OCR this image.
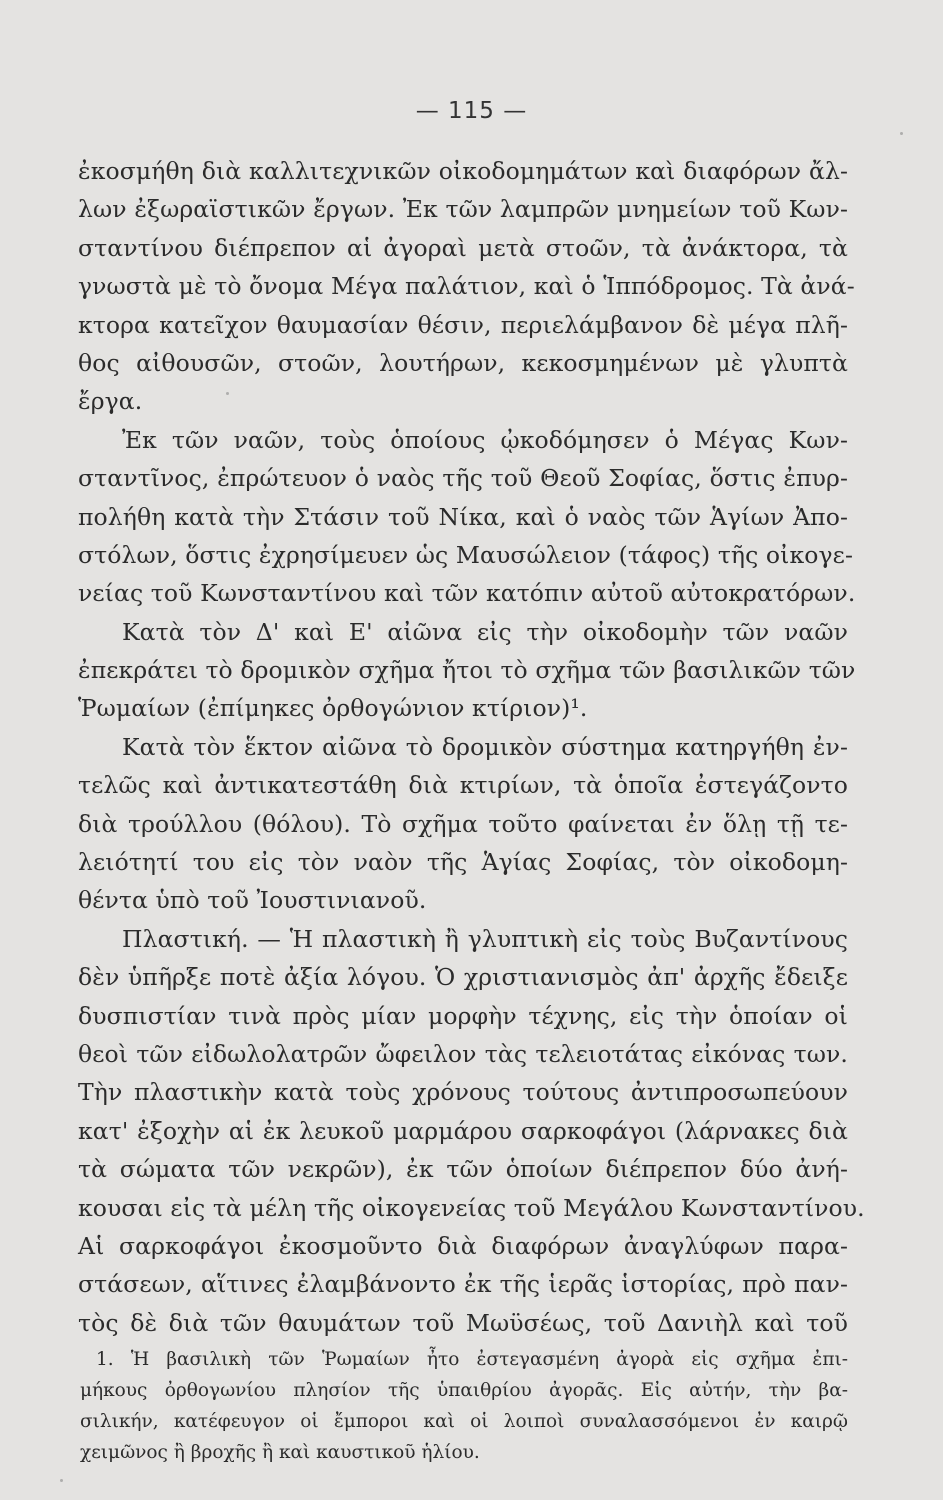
— 115 —
ἐκοσμήθη διὰ καλλιτεχνικῶν οἰκοδομημάτων καὶ διαφόρων ἄλ-
λων ἐξωραϊστικῶν ἔργων. Ἐκ τῶν λαμπρῶν μνημείων τοῦ Κων-
σταντίνου διέπρεπον αἱ ἀγοραὶ μετὰ στοῶν, τὰ ἀνάκτορα, τὰ
γνωστὰ μὲ τὸ ὄνομα Μέγα παλάτιον, καὶ ὁ Ἱππόδρομος. Τὰ ἀνά-
κτορα κατεῖχον θαυμασίαν θέσιν, περιελάμβανον δὲ μέγα πλῆ-
θος αἰθουσῶν, στοῶν, λουτήρων, κεκοσμημένων μὲ γλυπτὰ
ἔργα.
Ἐκ τῶν ναῶν, τοὺς ὁποίους ᾠκοδόμησεν ὁ Μέγας Κων-
σταντῖνος, ἐπρώτευον ὁ ναὸς τῆς τοῦ Θεοῦ Σοφίας, ὅστις ἐπυρ-
πολήθη κατὰ τὴν Στάσιν τοῦ Νίκα, καὶ ὁ ναὸς τῶν Ἁγίων Ἀπο-
στόλων, ὅστις ἐχρησίμευεν ὡς Μαυσώλειον (τάφος) τῆς οἰκογε-
νείας τοῦ Κωνσταντίνου καὶ τῶν κατόπιν αὐτοῦ αὐτοκρατόρων.
Κατὰ τὸν Δ' καὶ Ε' αἰῶνα εἰς τὴν οἰκοδομὴν τῶν ναῶν
ἐπεκράτει τὸ δρομικὸν σχῆμα ἤτοι τὸ σχῆμα τῶν βασιλικῶν τῶν
Ῥωμαίων (ἐπίμηκες ὀρθογώνιον κτίριον)¹.
Κατὰ τὸν ἕκτον αἰῶνα τὸ δρομικὸν σύστημα κατηργήθη ἐν-
τελῶς καὶ ἀντικατεστάθη διὰ κτιρίων, τὰ ὁποῖα ἐστεγάζοντο
διὰ τρούλλου (θόλου). Τὸ σχῆμα τοῦτο φαίνεται ἐν ὅλῃ τῇ τε-
λειότητί του εἰς τὸν ναὸν τῆς Ἁγίας Σοφίας, τὸν οἰκοδομη-
θέντα ὑπὸ τοῦ Ἰουστινιανοῦ.
Πλαστική. — Ἡ πλαστικὴ ἢ γλυπτικὴ εἰς τοὺς Βυζαντίνους
δὲν ὑπῆρξε ποτὲ ἀξία λόγου. Ὁ χριστιανισμὸς ἀπ' ἀρχῆς ἔδειξε
δυσπιστίαν τινὰ πρὸς μίαν μορφὴν τέχνης, εἰς τὴν ὁποίαν οἱ
θεοὶ τῶν εἰδωλολατρῶν ὤφειλον τὰς τελειοτάτας εἰκόνας των.
Τὴν πλαστικὴν κατὰ τοὺς χρόνους τούτους ἀντιπροσωπεύουν
κατ' ἐξοχὴν αἱ ἐκ λευκοῦ μαρμάρου σαρκοφάγοι (λάρνακες διὰ
τὰ σώματα τῶν νεκρῶν), ἐκ τῶν ὁποίων διέπρεπον δύο ἀνή-
κουσαι εἰς τὰ μέλη τῆς οἰκογενείας τοῦ Μεγάλου Κωνσταντίνου.
Αἱ σαρκοφάγοι ἐκοσμοῦντο διὰ διαφόρων ἀναγλύφων παρα-
στάσεων, αἵτινες ἐλαμβάνοντο ἐκ τῆς ἱερᾶς ἱστορίας, πρὸ παν-
τὸς δὲ διὰ τῶν θαυμάτων τοῦ Μωϋσέως, τοῦ Δανιὴλ καὶ τοῦ
1. Ἡ βασιλικὴ τῶν Ῥωμαίων ἦτο ἐστεγασμένη ἀγορὰ εἰς σχῆμα ἐπι-
μήκους ὀρθογωνίου πλησίον τῆς ὑπαιθρίου ἀγορᾶς. Εἰς αὐτήν, τὴν βα-
σιλικήν, κατέφευγον οἱ ἔμποροι καὶ οἱ λοιποὶ συναλασσόμενοι ἐν καιρῷ
χειμῶνος ἢ βροχῆς ἢ καὶ καυστικοῦ ἡλίου.
